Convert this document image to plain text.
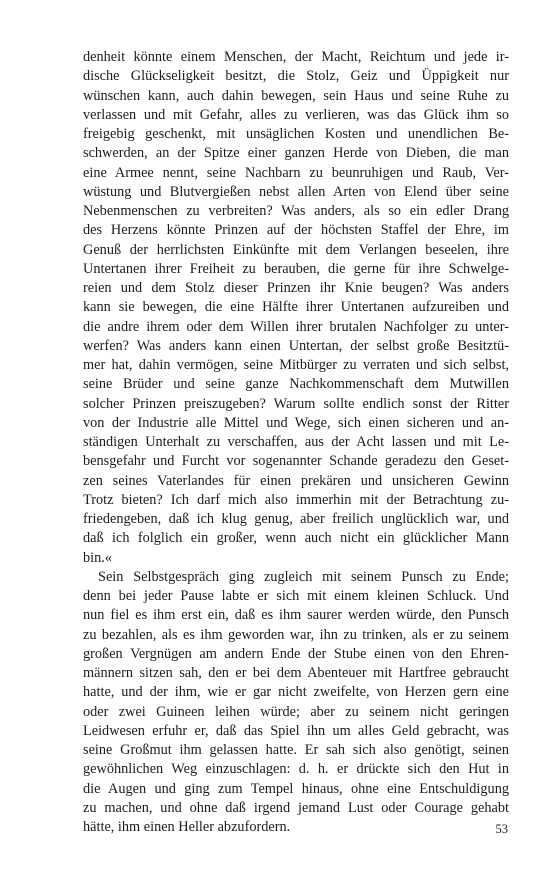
denheit könnte einem Menschen, der Macht, Reichtum und jede ir-
dische Glückseligkeit besitzt, die Stolz, Geiz und Üppigkeit nur
wünschen kann, auch dahin bewegen, sein Haus und seine Ruhe zu
verlassen und mit Gefahr, alles zu verlieren, was das Glück ihm so
freigebig geschenkt, mit unsäglichen Kosten und unendlichen Be-
schwerden, an der Spitze einer ganzen Herde von Dieben, die man
eine Armee nennt, seine Nachbarn zu beunruhigen und Raub, Ver-
wüstung und Blutvergießen nebst allen Arten von Elend über seine
Nebenmenschen zu verbreiten? Was anders, als so ein edler Drang
des Herzens könnte Prinzen auf der höchsten Staffel der Ehre, im
Genuß der herrlichsten Einkünfte mit dem Verlangen beseelen, ihre
Untertanen ihrer Freiheit zu berauben, die gerne für ihre Schwelge-
reien und dem Stolz dieser Prinzen ihr Knie beugen? Was anders
kann sie bewegen, die eine Hälfte ihrer Untertanen aufzureiben und
die andre ihrem oder dem Willen ihrer brutalen Nachfolger zu unter-
werfen? Was anders kann einen Untertan, der selbst große Besitztü-
mer hat, dahin vermögen, seine Mitbürger zu verraten und sich selbst,
seine Brüder und seine ganze Nachkommenschaft dem Mutwillen
solcher Prinzen preiszugeben? Warum sollte endlich sonst der Ritter
von der Industrie alle Mittel und Wege, sich einen sicheren und an-
ständigen Unterhalt zu verschaffen, aus der Acht lassen und mit Le-
bensgefahr und Furcht vor sogenannter Schande geradezu den Geset-
zen seines Vaterlandes für einen prekären und unsicheren Gewinn
Trotz bieten? Ich darf mich also immerhin mit der Betrachtung zu-
friedengeben, daß ich klug genug, aber freilich unglücklich war, und
daß ich folglich ein großer, wenn auch nicht ein glücklicher Mann
bin.«
Sein Selbstgespräch ging zugleich mit seinem Punsch zu Ende;
denn bei jeder Pause labte er sich mit einem kleinen Schluck. Und
nun fiel es ihm erst ein, daß es ihm saurer werden würde, den Punsch
zu bezahlen, als es ihm geworden war, ihn zu trinken, als er zu seinem
großen Vergnügen am andern Ende der Stube einen von den Ehren-
männern sitzen sah, den er bei dem Abenteuer mit Hartfree gebraucht
hatte, und der ihm, wie er gar nicht zweifelte, von Herzen gern eine
oder zwei Guineen leihen würde; aber zu seinem nicht geringen
Leidwesen erfuhr er, daß das Spiel ihn um alles Geld gebracht, was
seine Großmut ihm gelassen hatte. Er sah sich also genötigt, seinen
gewöhnlichen Weg einzuschlagen: d. h. er drückte sich den Hut in
die Augen und ging zum Tempel hinaus, ohne eine Entschuldigung
zu machen, und ohne daß irgend jemand Lust oder Courage gehabt
hätte, ihm einen Heller abzufordern.	53
